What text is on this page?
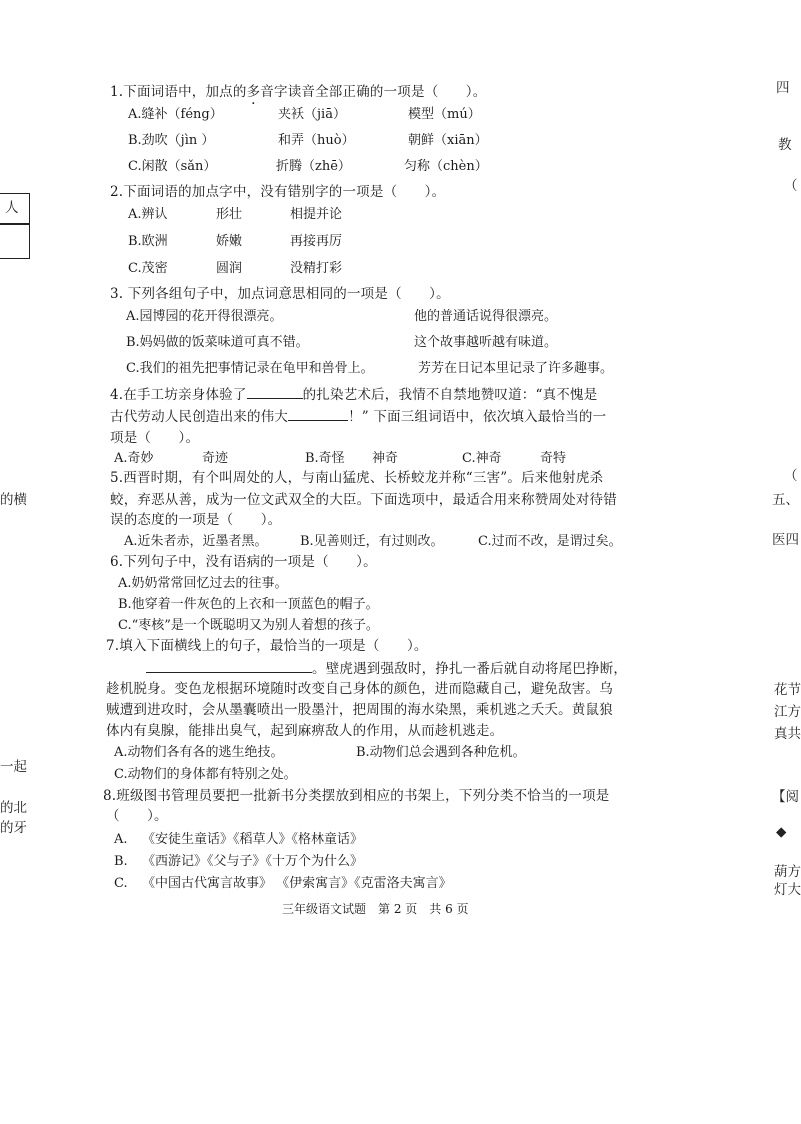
1.下面词语中，加点的多音字读音全部正确的一项是（　　）。
A.缝补（féng）	夹袄（jiā）	模型（mú）
B.劲吹（jìn ）	和弄（huò）	朝鲜（xiān）
C.闲散（sǎn）	折腾（zhē）	匀称（chèn）
2.下面词语的加点字中，没有错别字的一项是（　　）。
A.辨认	形壮	相提并论
B.欧洲	娇嫩	再接再厉
C.茂密	圆润	没精打彩
3. 下列各组句子中，加点词意思相同的一项是（　　）。
A.园博园的花开得很漂亮。	他的普通话说得很漂亮。
B.妈妈做的饭菜味道可真不错。	这个故事越听越有味道。
C.我们的祖先把事情记录在龟甲和兽骨上。	芳芳在日记本里记录了许多趣事。
4.在手工坊亲身体验了	的扎染艺术后，我情不自禁地赞叹道：“真不愧是
古代劳动人民创造出来的伟大	！” 下面三组词语中，依次填入最恰当的一
项是（　　）。
A.奇妙	奇迹	B.奇怪 神奇	C.神奇	奇特
5.西晋时期，有个叫周处的人，与南山猛虎、长桥蛟龙并称“三害”。后来他射虎杀
蛟，弃恶从善，成为一位文武双全的大臣。下面选项中，最适合用来称赞周处对待错
误的态度的一项是（　　）。
A.近朱者赤，近墨者黑。 B.见善则迁，有过则改。	C.过而不改，是谓过矣。
6.下列句子中，没有语病的一项是（　　）。
A.奶奶常常回忆过去的往事。
B.他穿着一件灰色的上衣和一顶蓝色的帽子。
C.“枣核”是一个既聪明又为别人着想的孩子。
7.填入下面横线上的句子，最恰当的一项是（　　）。
。壁虎遇到强敌时，挣扎一番后就自动将尾巴挣断，
趁机脱身。变色龙根据环境随时改变自己身体的颜色，进而隐藏自己，避免敌害。乌
贼遭到进攻时，会从墨囊喷出一股墨汁，把周围的海水染黑，乘机逃之夭夭。黄鼠狼
体内有臭腺，能排出臭气，起到麻痹敌人的作用，从而趁机逃走。
A.动物们各有各的逃生绝技。	B.动物们总会遇到各种危机。
C.动物们的身体都有特别之处。
8.班级图书管理员要把一批新书分类摆放到相应的书架上，下列分类不恰当的一项是
（　　）。
A. 《安徒生童话》《稻草人》《格林童话》
B. 《西游记》《父与子》《十万个为什么》
C. 《中国古代寓言故事》 《伊索寓言》《克雷洛夫寓言》
三年级语文试题　第 2 页　共 6 页
人
的横
一起
的北
的牙
四
教
（
（
五、
医四
花节
江方
真共
【阅
◆
葫方
灯大
